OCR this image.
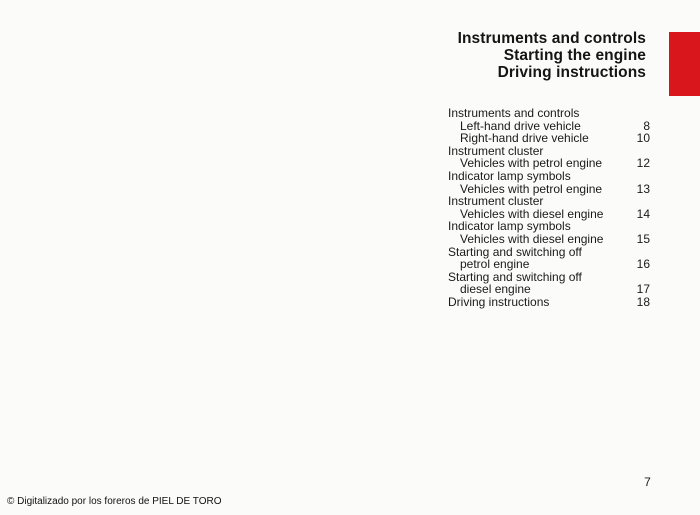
Instruments and controls
Starting the engine
Driving instructions
Instruments and controls
Left-hand drive vehicle	8
Right-hand drive vehicle	10
Instrument cluster
Vehicles with petrol engine	12
Indicator lamp symbols
Vehicles with petrol engine	13
Instrument cluster
Vehicles with diesel engine	14
Indicator lamp symbols
Vehicles with diesel engine	15
Starting and switching off
petrol engine	16
Starting and switching off
diesel engine	17
Driving instructions	18
7
© Digitalizado por los foreros de PIEL DE TORO
